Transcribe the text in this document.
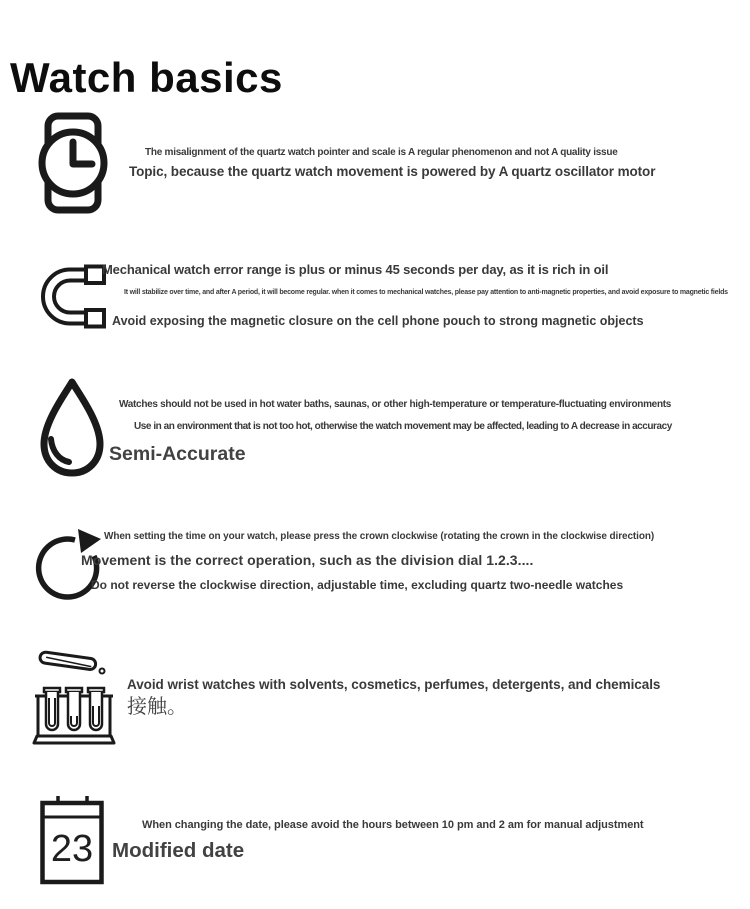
Watch basics
The misalignment of the quartz watch pointer and scale is A regular phenomenon and not A quality issue
Topic, because the quartz watch movement is powered by A quartz oscillator motor
Mechanical watch error range is plus or minus 45 seconds per day, as it is rich in oil
It will stabilize over time, and after A period, it will become regular. when it comes to mechanical watches, please pay attention to anti-magnetic properties, and avoid exposure to magnetic fields
Avoid exposing the magnetic closure on the cell phone pouch to strong magnetic objects
Watches should not be used in hot water baths, saunas, or other high-temperature or temperature-fluctuating environments
Use in an environment that is not too hot, otherwise the watch movement may be affected, leading to A decrease in accuracy
Semi-Accurate
When setting the time on your watch, please press the crown clockwise (rotating the crown in the clockwise direction)
Movement is the correct operation, such as the division dial 1.2.3....
Do not reverse the clockwise direction, adjustable time, excluding quartz two-needle watches
Avoid wrist watches with solvents, cosmetics, perfumes, detergents, and chemicals
接触。
23
When changing the date, please avoid the hours between 10 pm and 2 am for manual adjustment
Modified date
